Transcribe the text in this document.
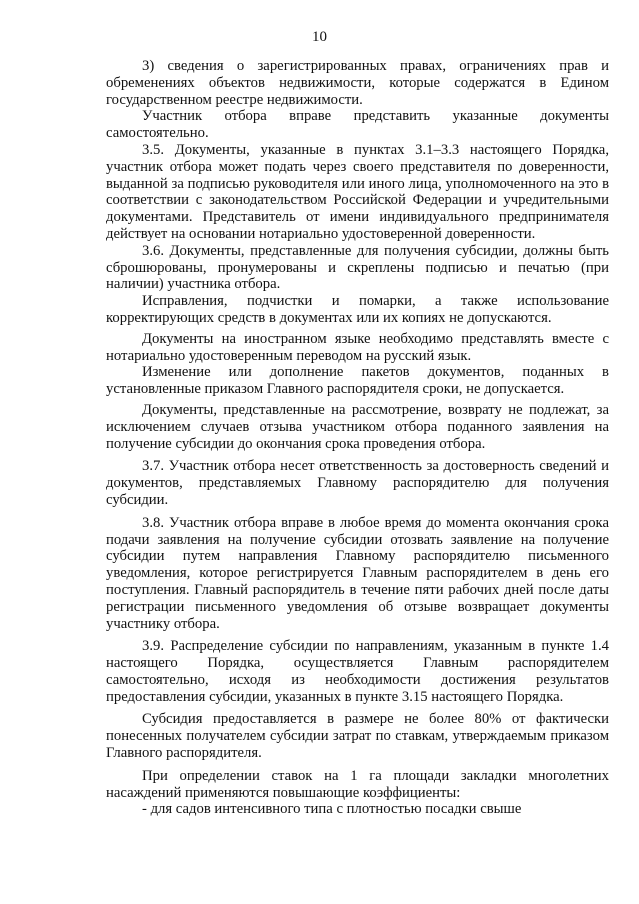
10

3) сведения о зарегистрированных правах, ограничениях прав и обременениях объектов недвижимости, которые содержатся в Едином государственном реестре недвижимости.

Участник отбора вправе представить указанные документы самостоятельно.

3.5. Документы, указанные в пунктах 3.1–3.3 настоящего Порядка, участник отбора может подать через своего представителя по доверенности, выданной за подписью руководителя или иного лица, уполномоченного на это в соответствии с законодательством Российской Федерации и учредительными документами. Представитель от имени индивидуального предпринимателя действует на основании нотариально удостоверенной доверенности.

3.6. Документы, представленные для получения субсидии, должны быть сброшюрованы, пронумерованы и скреплены подписью и печатью (при наличии) участника отбора.

Исправления, подчистки и помарки, а также использование корректирующих средств в документах или их копиях не допускаются.

Документы на иностранном языке необходимо представлять вместе с нотариально удостоверенным переводом на русский язык.

Изменение или дополнение пакетов документов, поданных в установленные приказом Главного распорядителя сроки, не допускается.

Документы, представленные на рассмотрение, возврату не подлежат, за исключением случаев отзыва участником отбора поданного заявления на получение субсидии до окончания срока проведения отбора.

3.7. Участник отбора несет ответственность за достоверность сведений и документов, представляемых Главному распорядителю для получения субсидии.

3.8. Участник отбора вправе в любое время до момента окончания срока подачи заявления на получение субсидии отозвать заявление на получение субсидии путем направления Главному распорядителю письменного уведомления, которое регистрируется Главным распорядителем в день его поступления. Главный распорядитель в течение пяти рабочих дней после даты регистрации письменного уведомления об отзыве возвращает документы участнику отбора.

3.9. Распределение субсидии по направлениям, указанным в пункте 1.4 настоящего Порядка, осуществляется Главным распорядителем самостоятельно, исходя из необходимости достижения результатов предоставления субсидии, указанных в пункте 3.15 настоящего Порядка.

Субсидия предоставляется в размере не более 80% от фактически понесенных получателем субсидии затрат по ставкам, утверждаемым приказом Главного распорядителя.

При определении ставок на 1 га площади закладки многолетних насаждений применяются повышающие коэффициенты:

- для садов интенсивного типа с плотностью посадки свыше
